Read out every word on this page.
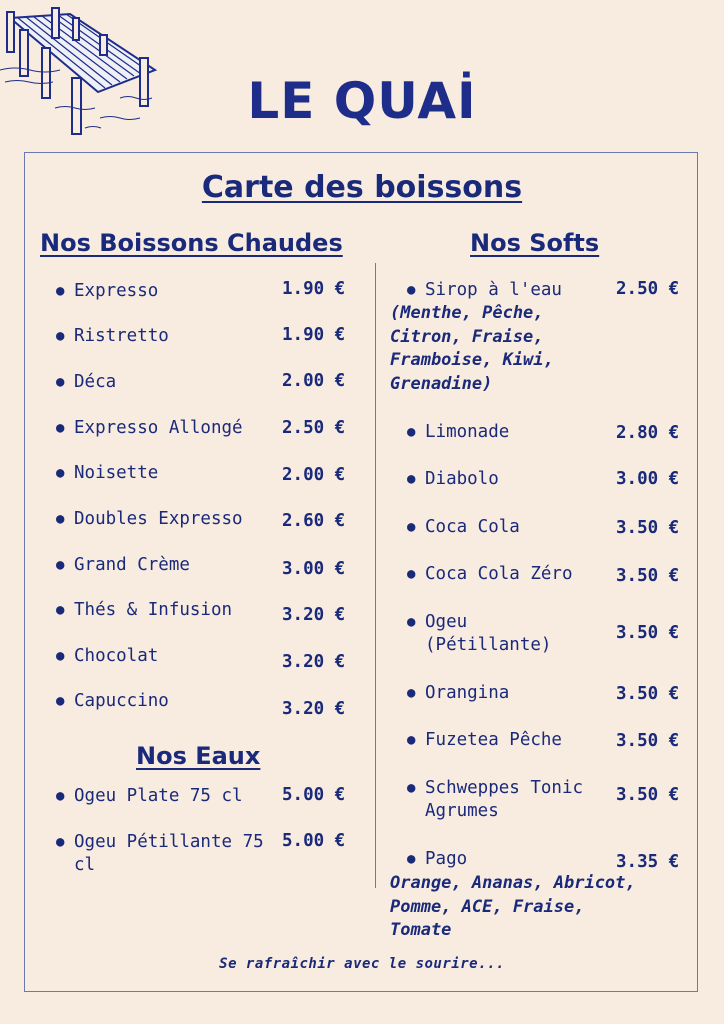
LE QUAİ
Carte des boissons
Nos Boissons Chaudes	Nos Softs
● Expresso	1.90 €
● Ristretto	1.90 €
● Déca	2.00 €
● Expresso Allongé 2.50 €
● Noisette	2.00 €
● Doubles Expresso 2.60 €
● Grand Crème	3.00 €
● Thés & Infusion	3.20 €
● Chocolat	3.20 €
● Capuccino	3.20 €
Nos Eaux
● Ogeu Plate 75 cl 5.00 €
● Ogeu Pétillante 75 cl
5.00 €
● Sirop à l'eau	2.50 €
(Menthe, Pêche, Citron, Fraise, Framboise, Kiwi, Grenadine)
● Limonade	2.80 €
● Diabolo	3.00 €
● Coca Cola	3.50 €
● Coca Cola Zéro 3.50 €
● Ogeu (Pétillante)
3.50 €
● Orangina	3.50 €
● Fuzetea Pêche	3.50 €
● Schweppes Tonic Agrumes
3.50 €
● Pago	3.35 €
Orange, Ananas, Abricot, Pomme, ACE, Fraise, Tomate
Se rafraîchir avec le sourire...
